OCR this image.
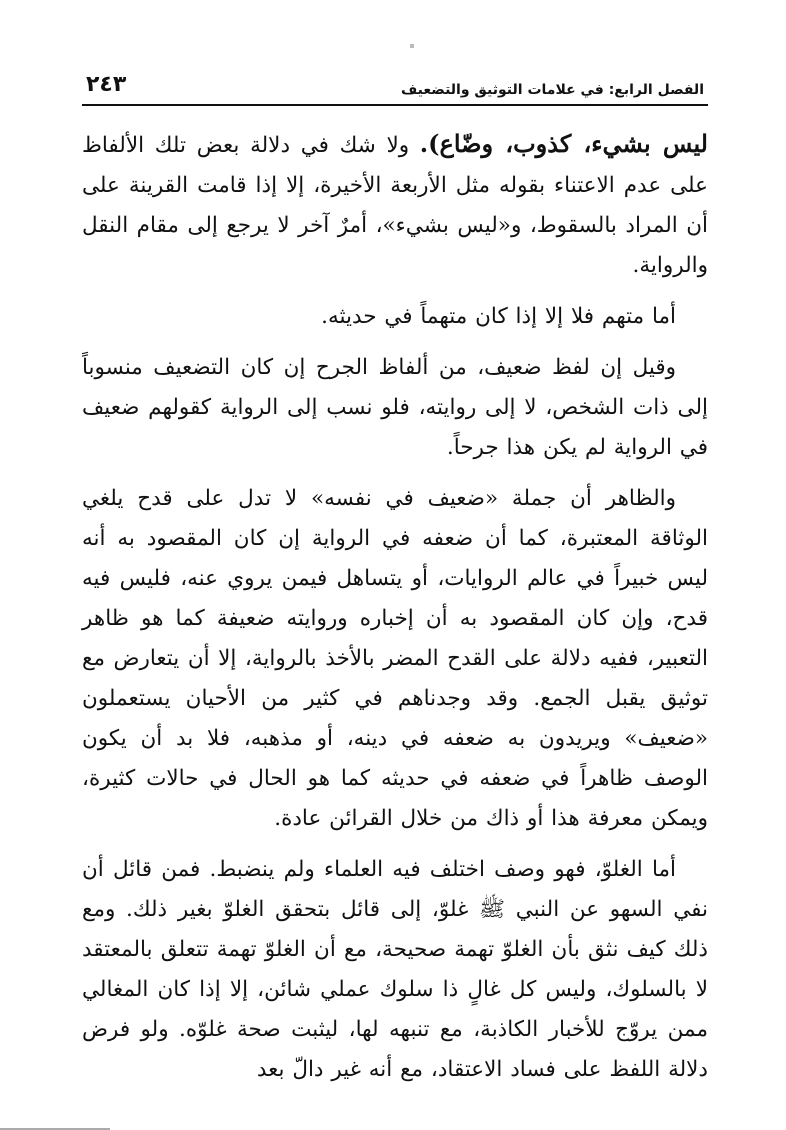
٢٤٣	الفصل الرابع: في علامات التوثيق والتضعيف

ليس بشيء، كذوب، وضّاع). ولا شك في دلالة بعض تلك الألفاظ على عدم الاعتناء بقوله مثل الأربعة الأخيرة، إلا إذا قامت القرينة على أن المراد بالسقوط، و«ليس بشيء»، أمرٌ آخر لا يرجع إلى مقام النقل والرواية.

أما متهم فلا إلا إذا كان متهماً في حديثه.

وقيل إن لفظ ضعيف، من ألفاظ الجرح إن كان التضعيف منسوباً إلى ذات الشخص، لا إلى روايته، فلو نسب إلى الرواية كقولهم ضعيف في الرواية لم يكن هذا جرحاً.

والظاهر أن جملة «ضعيف في نفسه» لا تدل على قدح يلغي الوثاقة المعتبرة، كما أن ضعفه في الرواية إن كان المقصود به أنه ليس خبيراً في عالم الروايات، أو يتساهل فيمن يروي عنه، فليس فيه قدح، وإن كان المقصود به أن إخباره وروايته ضعيفة كما هو ظاهر التعبير، ففيه دلالة على القدح المضر بالأخذ بالرواية، إلا أن يتعارض مع توثيق يقبل الجمع. وقد وجدناهم في كثير من الأحيان يستعملون «ضعيف» ويريدون به ضعفه في دينه، أو مذهبه، فلا بد أن يكون الوصف ظاهراً في ضعفه في حديثه كما هو الحال في حالات كثيرة، ويمكن معرفة هذا أو ذاك من خلال القرائن عادة.

أما الغلوّ، فهو وصف اختلف فيه العلماء ولم ينضبط. فمن قائل أن نفي السهو عن النبي ﷺ غلوّ، إلى قائل بتحقق الغلوّ بغير ذلك. ومع ذلك كيف نثق بأن الغلوّ تهمة صحيحة، مع أن الغلوّ تهمة تتعلق بالمعتقد لا بالسلوك، وليس كل غالٍ ذا سلوك عملي شائن، إلا إذا كان المغالي ممن يروّج للأخبار الكاذبة، مع تنبهه لها، ليثبت صحة غلوّه. ولو فرض دلالة اللفظ على فساد الاعتقاد، مع أنه غير دالّ بعد
